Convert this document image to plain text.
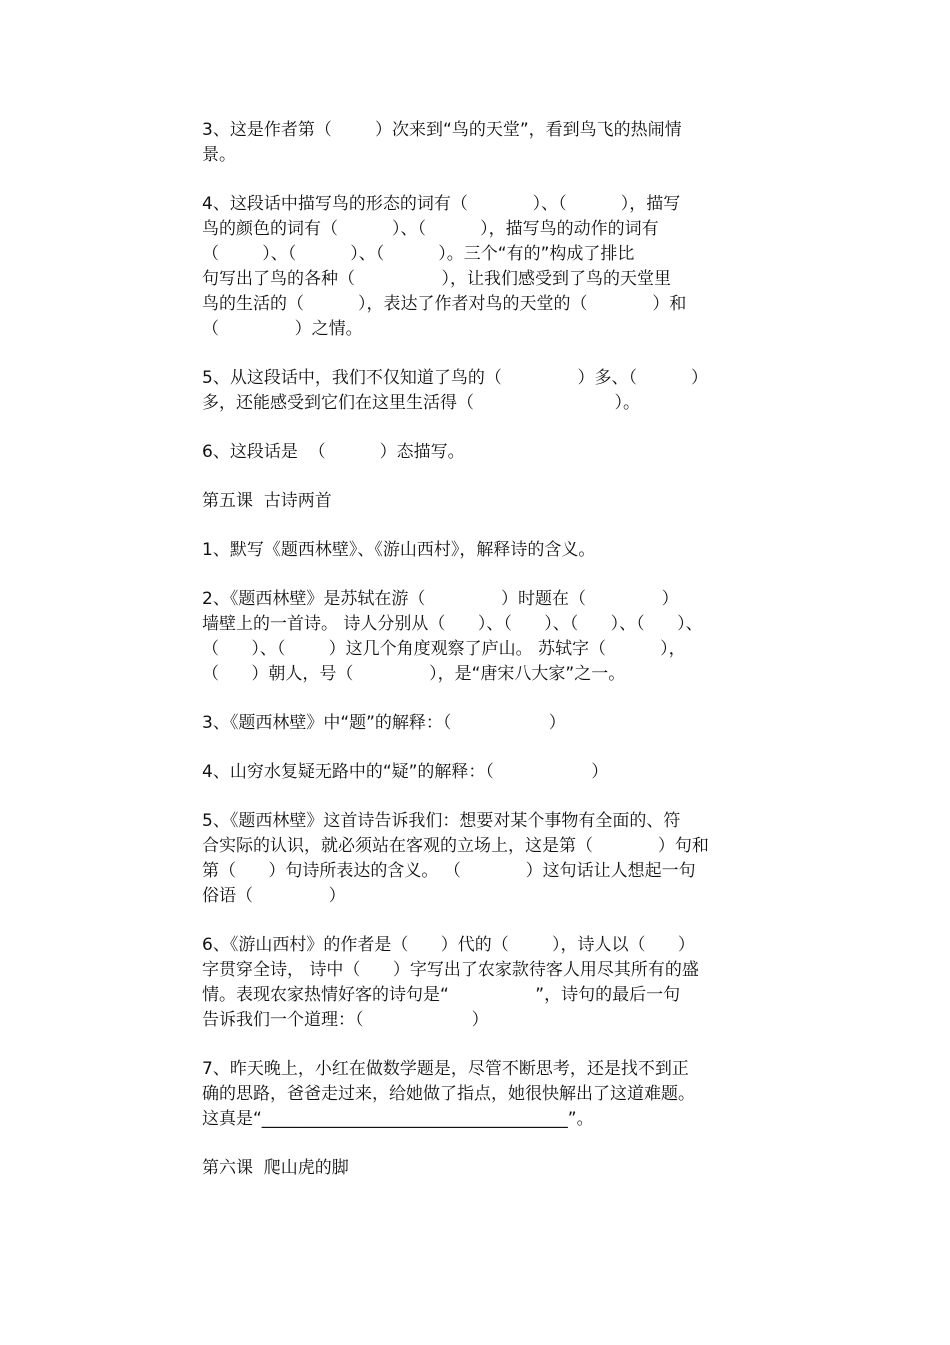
3、这是作者第（        ）次来到“鸟的天堂”，看到鸟飞的热闹情
景。
4、这段话中描写鸟的形态的词有（            ）、（          ），描写
鸟的颜色的词有（          ）、（          ），描写鸟的动作的词有
（        ）、（          ）、（          ）。三个“有的”构成了排比
句写出了鸟的各种（                ），让我们感受到了鸟的天堂里
鸟的生活的（          ），表达了作者对鸟的天堂的（            ）和
（              ）之情。
5、从这段话中，我们不仅知道了鸟的（              ）多、（          ）
多，还能感受到它们在这里生活得（                          ）。
6、这段话是  （          ）态描写。
第五课  古诗两首
1、默写《题西林壁》、《游山西村》，解释诗的含义。
2、《题西林壁》是苏轼在游（              ）时题在（              ）
墙壁上的一首诗。 诗人分别从（      ）、（      ）、（      ）、（      ）、
（      ）、（        ）这几个角度观察了庐山。 苏轼字（          ），
（      ）朝人，号（              ），是“唐宋八大家”之一。
3、《题西林壁》中“题”的解释：（                  ）
4、山穷水复疑无路中的“疑”的解释：（                  ）
5、《题西林壁》这首诗告诉我们：想要对某个事物有全面的、符
合实际的认识，就必须站在客观的立场上，这是第（            ）句和
第（      ）句诗所表达的含义。 （            ）这句话让人想起一句
俗语（              ）
6、《游山西村》的作者是（      ）代的（        ），诗人以（      ）
字贯穿全诗， 诗中（      ）字写出了农家款待客人用尽其所有的盛
情。表现农家热情好客的诗句是“                ”，诗句的最后一句
告诉我们一个道理：（                    ）
7、昨天晚上，小红在做数学题是，尽管不断思考，还是找不到正
确的思路，爸爸走过来，给她做了指点，她很快解出了这道难题。
这真是“____________________________________”。
第六课  爬山虎的脚
